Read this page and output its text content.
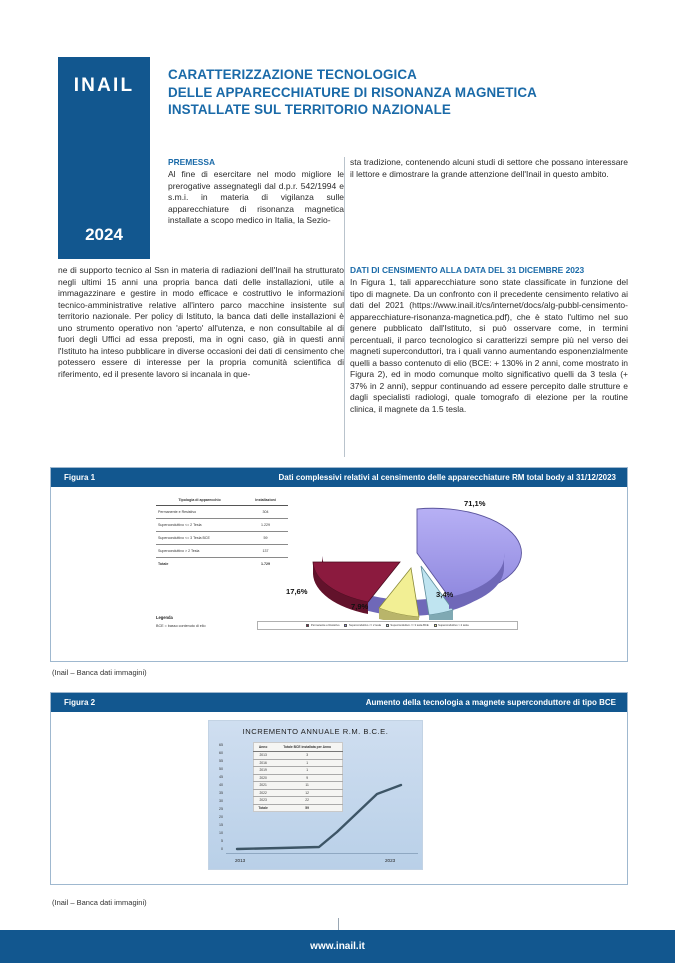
INAIL
2024
CARATTERIZZAZIONE TECNOLOGICA
DELLE APPARECCHIATURE DI RISONANZA MAGNETICA
INSTALLATE SUL TERRITORIO NAZIONALE
PREMESSA

Al fine di esercitare nel modo migliore le prerogative assegnategli dal d.p.r. 542/1994 e s.m.i. in materia di vigilanza sulle apparecchiature di risonanza magnetica installate a scopo medico in Italia, la Sezio-

sta tradizione, contenendo alcuni studi di settore che possano interessare il lettore e dimostrare la grande attenzione dell'Inail in questo ambito.

ne di supporto tecnico al Ssn in materia di radiazioni dell'Inail ha strutturato negli ultimi 15 anni una propria banca dati delle installazioni, utile a immagazzinare e gestire in modo efficace e costruttivo le informazioni tecnico-amministrative relative all'intero parco macchine insistente sul territorio nazionale. Per policy di Istituto, la banca dati delle installazioni è uno strumento operativo non 'aperto' all'utenza, e non consultabile al di fuori degli Uffici ad essa preposti, ma in ogni caso, già in questi anni l'Istituto ha inteso pubblicare in diverse occasioni dei dati di censimento che potessero essere di interesse per la propria comunità scientifica di riferimento, ed il presente lavoro si incanala in que-

DATI DI CENSIMENTO ALLA DATA DEL 31 DICEMBRE 2023

In Figura 1, tali apparecchiature sono state classificate in funzione del tipo di magnete. Da un confronto con il precedente censimento relativo ai dati del 2021 (https://www.inail.it/cs/internet/docs/alg-pubbl-censimento-apparecchiature-risonanza-magnetica.pdf), che è stato l'ultimo nel suo genere pubblicato dall'Istituto, si può osservare come, in termini percentuali, il parco tecnologico si caratterizzi sempre più nel verso dei magneti superconduttori, tra i quali vanno aumentando esponenzialmente quelli a basso contenuto di elio (BCE: + 130% in 2 anni, come mostrato in Figura 2), ed in modo comunque molto significativo quelli da 3 tesla (+ 37% in 2 anni), seppur continuando ad essere percepito dalle strutture e dagli specialisti radiologi, quale tomografo di elezione per la routine clinica, il magnete da 1.5 tesla.

Figura 1	Dati complessivi relativi al censimento delle apparecchiature RM total body al 31/12/2023
Tipologia di apparecchio	Installazioni
Permanente e Resistivo	304
Superconduttivo <= 2 Tesla	1.229
Superconduttivo <= 3 Tesla BCE	59
Superconduttivo > 2 Tesla	137
Totale	1.729
Legenda
BCE = basso contenuto di elio	Permanente e Resistivo	Superconduttivo <= 2 tesla	Superconduttivo <= 3 tesla BCE	Superconduttivo > 2 tesla
71,1%
17,6%
7,9%
3,4%
(Inail – Banca dati immagini)
Figura 2	Aumento della tecnologia a magnete superconduttore di tipo BCE
INCREMENTO ANNUALE R.M. B.C.E.
65
60
55
50
45
40
35
30
25
20
15
10
5
0
2013	2023
Anno	Totale BCE installata per Anno
2013	3
2016	1
2019	1
2020	9
2021	11
2022	12
2023	22
Totale	59
(Inail – Banca dati immagini)
www.inail.it
